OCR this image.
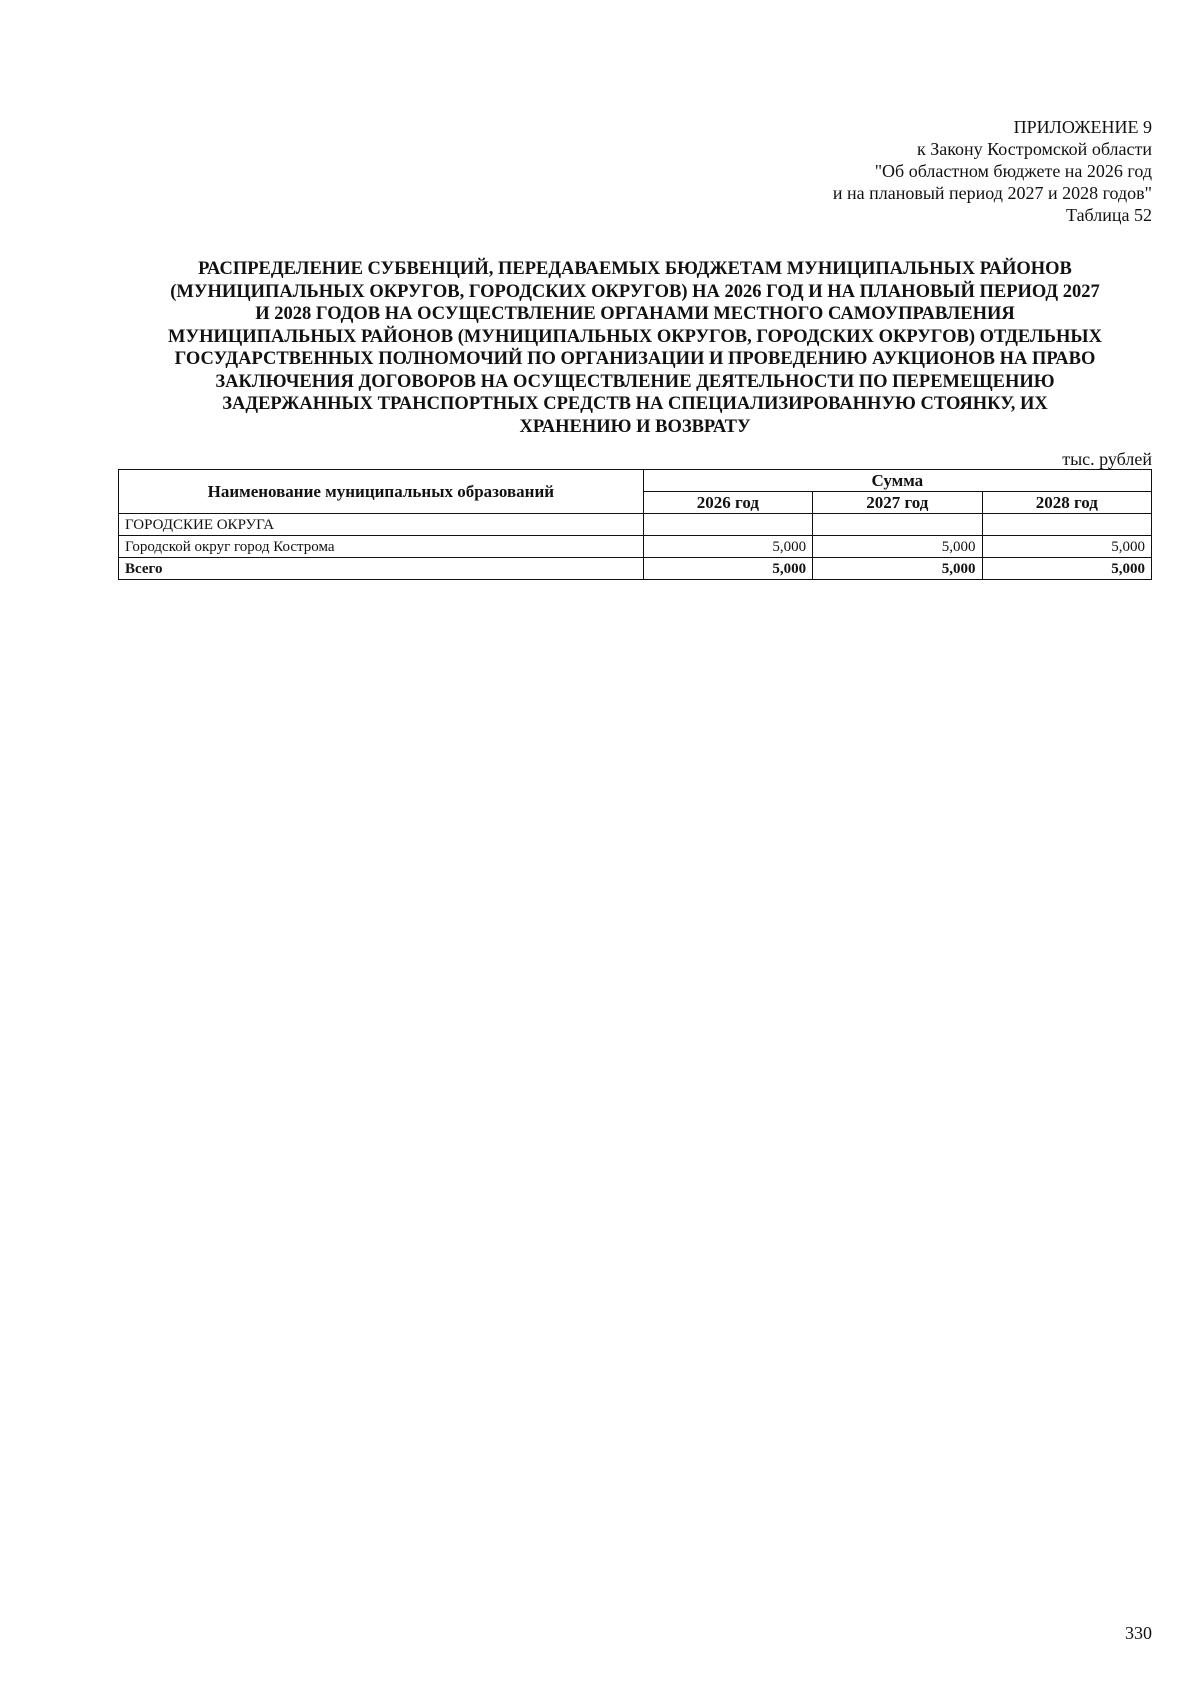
ПРИЛОЖЕНИЕ 9
к Закону Костромской области
"Об областном бюджете на 2026 год
и на плановый период 2027 и 2028 годов"
Таблица 52
РАСПРЕДЕЛЕНИЕ СУБВЕНЦИЙ, ПЕРЕДАВАЕМЫХ БЮДЖЕТАМ МУНИЦИПАЛЬНЫХ РАЙОНОВ
(МУНИЦИПАЛЬНЫХ ОКРУГОВ, ГОРОДСКИХ ОКРУГОВ) НА 2026 ГОД И НА ПЛАНОВЫЙ ПЕРИОД 2027
И 2028 ГОДОВ НА ОСУЩЕСТВЛЕНИЕ ОРГАНАМИ МЕСТНОГО САМОУПРАВЛЕНИЯ
МУНИЦИПАЛЬНЫХ РАЙОНОВ (МУНИЦИПАЛЬНЫХ ОКРУГОВ, ГОРОДСКИХ ОКРУГОВ) ОТДЕЛЬНЫХ
ГОСУДАРСТВЕННЫХ ПОЛНОМОЧИЙ ПО ОРГАНИЗАЦИИ И ПРОВЕДЕНИЮ АУКЦИОНОВ НА ПРАВО
ЗАКЛЮЧЕНИЯ ДОГОВОРОВ НА ОСУЩЕСТВЛЕНИЕ ДЕЯТЕЛЬНОСТИ ПО ПЕРЕМЕЩЕНИЮ
ЗАДЕРЖАННЫХ ТРАНСПОРТНЫХ СРЕДСТВ НА СПЕЦИАЛИЗИРОВАННУЮ СТОЯНКУ, ИХ
ХРАНЕНИЮ И ВОЗВРАТУ
тыс. рублей
Наименование муниципальных образований	Сумма		
	2026 год	2027 год	2028 год
ГОРОДСКИЕ ОКРУГА			
Городской округ город Кострома	5,000	5,000	5,000
Всего	5,000	5,000	5,000
330
